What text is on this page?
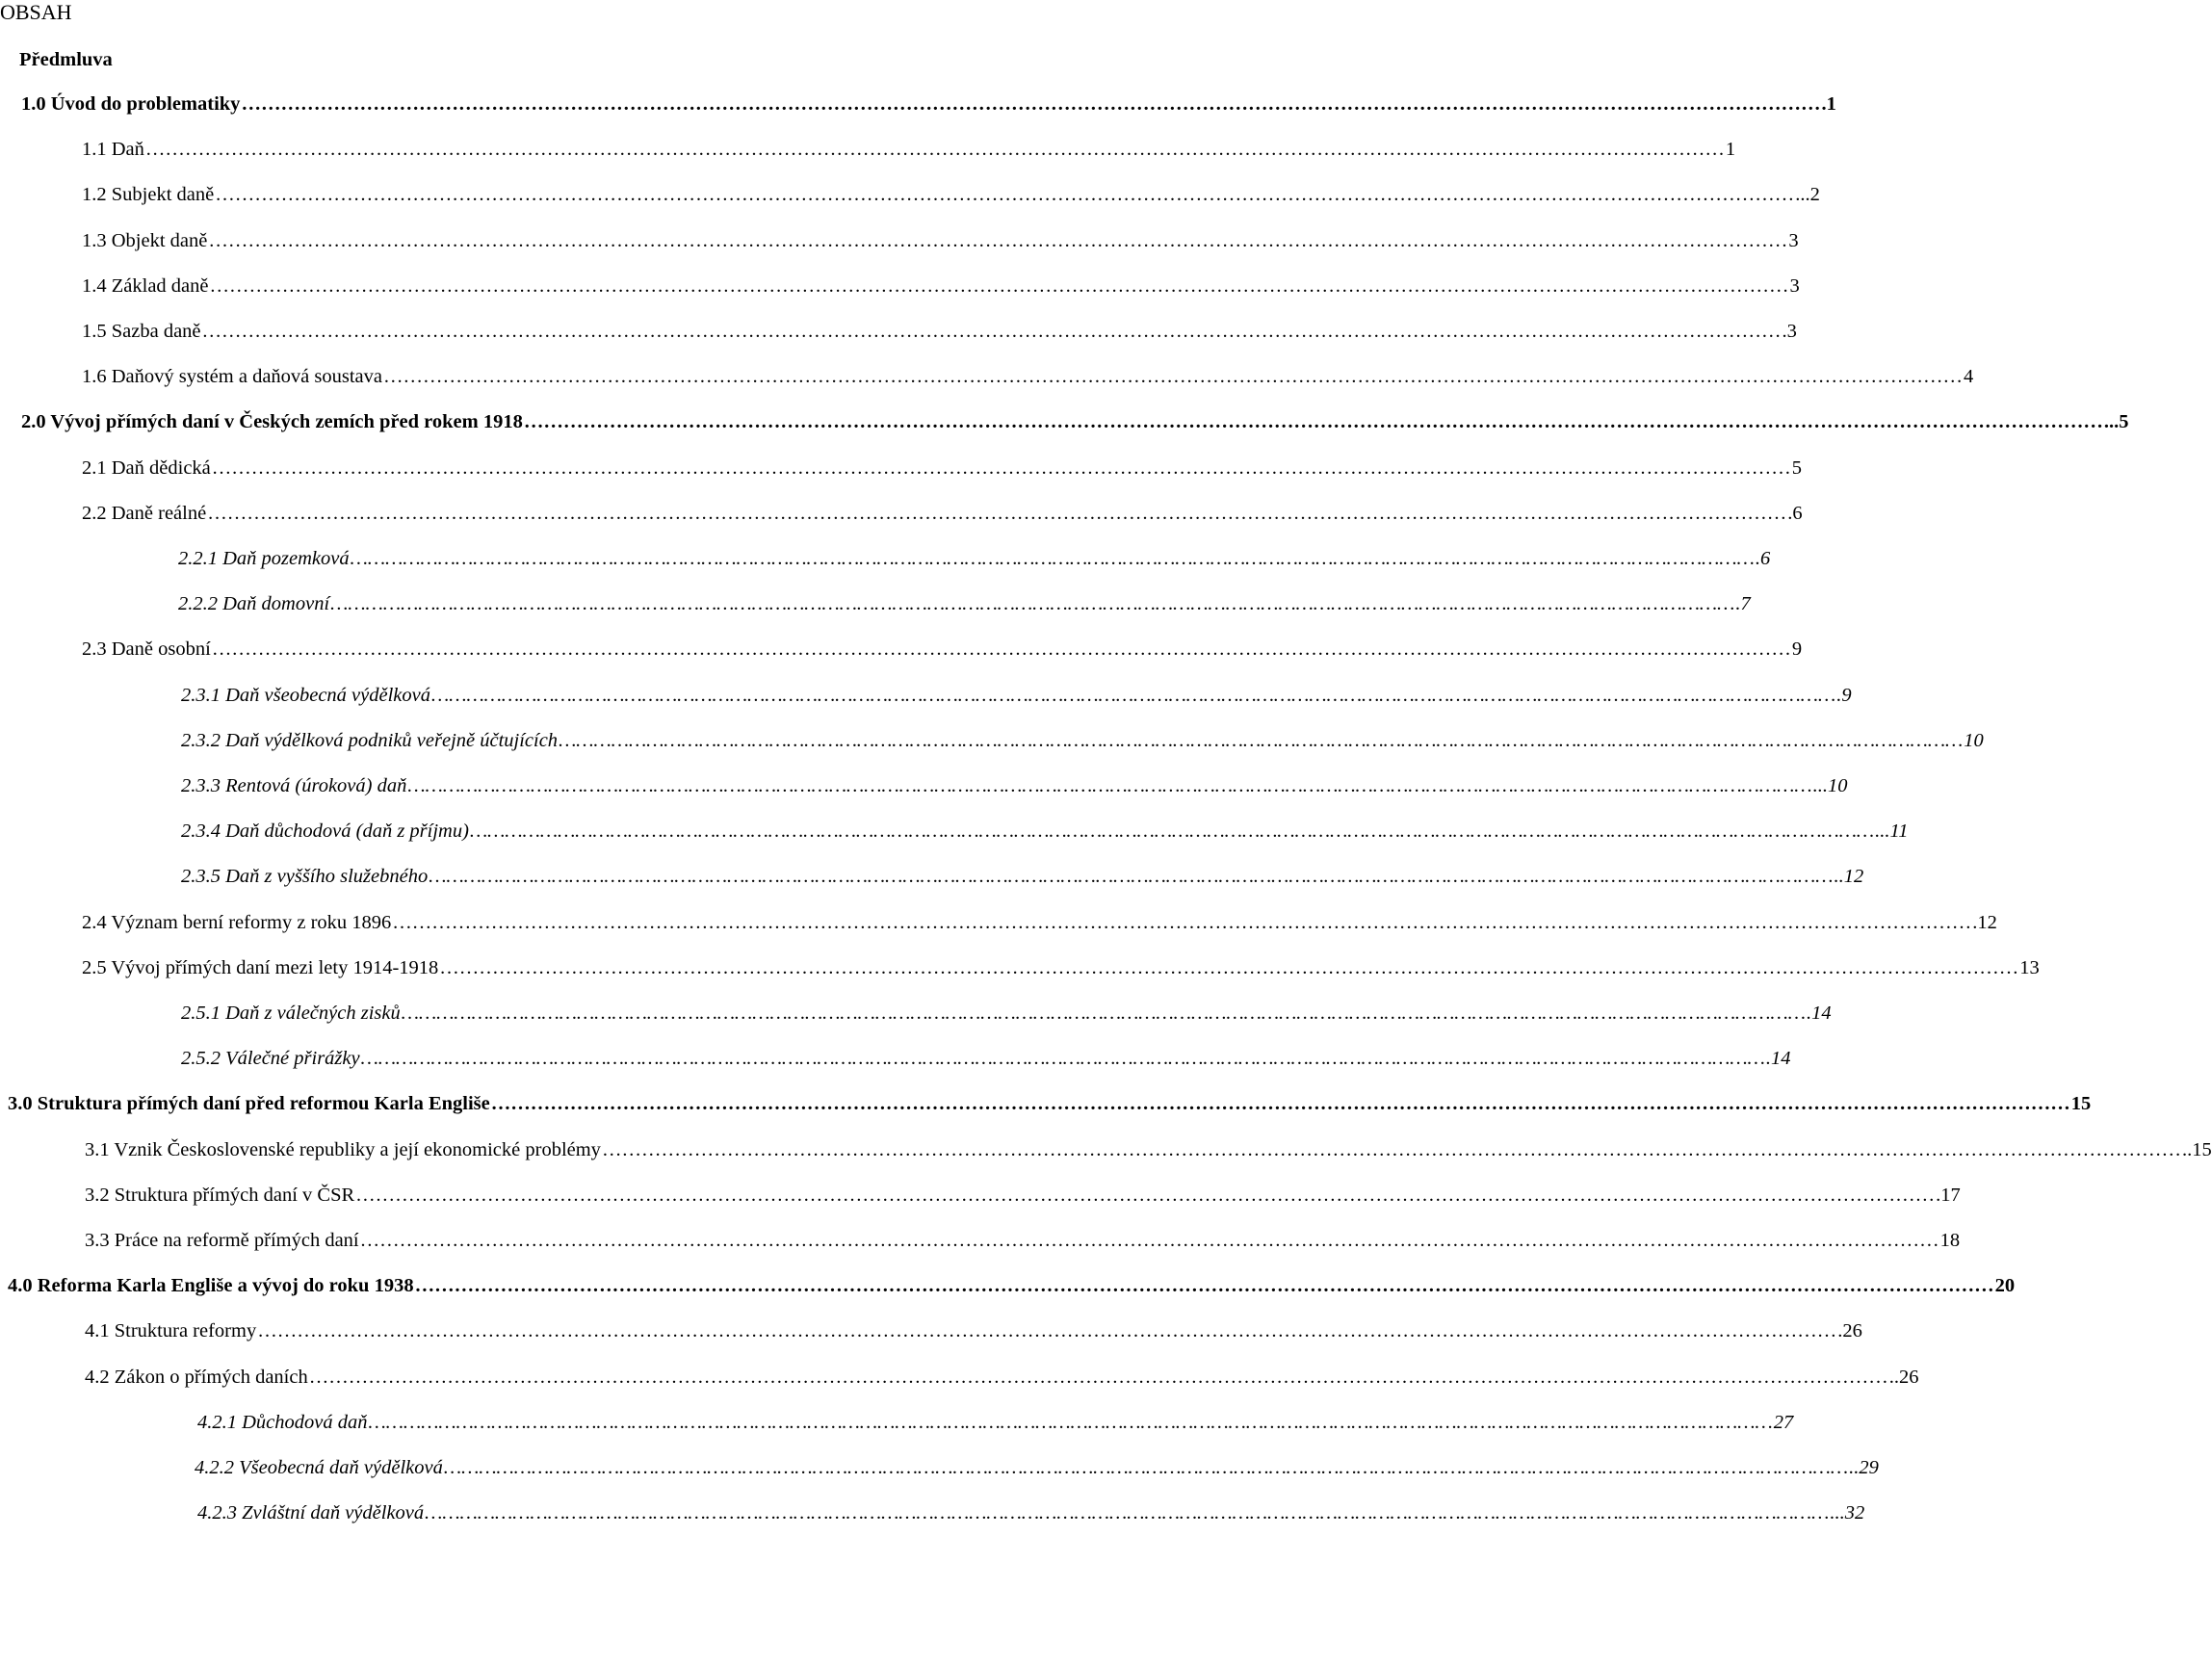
OBSAH
Předmluva
1.0 Úvod do problematiky …………………………………………………………………………………………………………………………………………………………………………………………………………………… .1
1.1 Daň …………………………………………………………………………………………………………………………………………………………………………………………………………………… 1
1.2 Subjekt daně …………………………………………………………………………………………………………………………………………………………………………………………………………………… ...2
1.3 Objekt daně …………………………………………………………………………………………………………………………………………………………………………………………………………………… 3
1.4 Základ daně …………………………………………………………………………………………………………………………………………………………………………………………………………………… 3
1.5 Sazba daně …………………………………………………………………………………………………………………………………………………………………………………………………………………… .3
1.6 Daňový systém a daňová soustava …………………………………………………………………………………………………………………………………………………………………………………………………………………… 4
2.0 Vývoj přímých daní v Českých zemích před rokem 1918 …………………………………………………………………………………………………………………………………………………………………………………………………………………… ...5
2.1 Daň dědická …………………………………………………………………………………………………………………………………………………………………………………………………………………… 5
2.2 Daně reálné …………………………………………………………………………………………………………………………………………………………………………………………………………………… .6
2.2.1 Daň pozemková …………………………………………………………………………………………………………………………………………………………………………………………………………………… .6
2.2.2 Daň domovní …………………………………………………………………………………………………………………………………………………………………………………………………………………… .7
2.3 Daně osobní …………………………………………………………………………………………………………………………………………………………………………………………………………………… 9
2.3.1 Daň všeobecná výdělková …………………………………………………………………………………………………………………………………………………………………………………………………………………… .9
2.3.2 Daň výdělková podniků veřejně účtujících …………………………………………………………………………………………………………………………………………………………………………………………………………………… 10
2.3.3 Rentová (úroková) daň …………………………………………………………………………………………………………………………………………………………………………………………………………………… ...10
2.3.4 Daň důchodová (daň z příjmu) …………………………………………………………………………………………………………………………………………………………………………………………………………………… ...11
2.3.5 Daň z vyššího služebného …………………………………………………………………………………………………………………………………………………………………………………………………………………… ..12
2.4 Význam berní reformy z roku 1896 …………………………………………………………………………………………………………………………………………………………………………………………………………………… .12
2.5 Vývoj přímých daní mezi lety 1914-1918 …………………………………………………………………………………………………………………………………………………………………………………………………………………… 13
2.5.1 Daň z válečných zisků …………………………………………………………………………………………………………………………………………………………………………………………………………………… .14
2.5.2 Válečné přirážky …………………………………………………………………………………………………………………………………………………………………………………………………………………… .14
3.0 Struktura přímých daní před reformou Karla Engliše …………………………………………………………………………………………………………………………………………………………………………………………………………………… 15
3.1 Vznik Československé republiky a její ekonomické problémy …………………………………………………………………………………………………………………………………………………………………………………………………………………… ..15
3.2 Struktura přímých daní v ČSR …………………………………………………………………………………………………………………………………………………………………………………………………………………… .17
3.3 Práce na reformě přímých daní …………………………………………………………………………………………………………………………………………………………………………………………………………………… 18
4.0 Reforma Karla Engliše a vývoj do roku 1938 …………………………………………………………………………………………………………………………………………………………………………………………………………………… 20
4.1 Struktura reformy …………………………………………………………………………………………………………………………………………………………………………………………………………………… .26
4.2 Zákon o přímých daních …………………………………………………………………………………………………………………………………………………………………………………………………………………… ..26
4.2.1 Důchodová daň …………………………………………………………………………………………………………………………………………………………………………………………………………………… 27
4.2.2 Všeobecná daň výdělková …………………………………………………………………………………………………………………………………………………………………………………………………………………… ..29
4.2.3 Zvláštní daň výdělková …………………………………………………………………………………………………………………………………………………………………………………………………………………… ...32
